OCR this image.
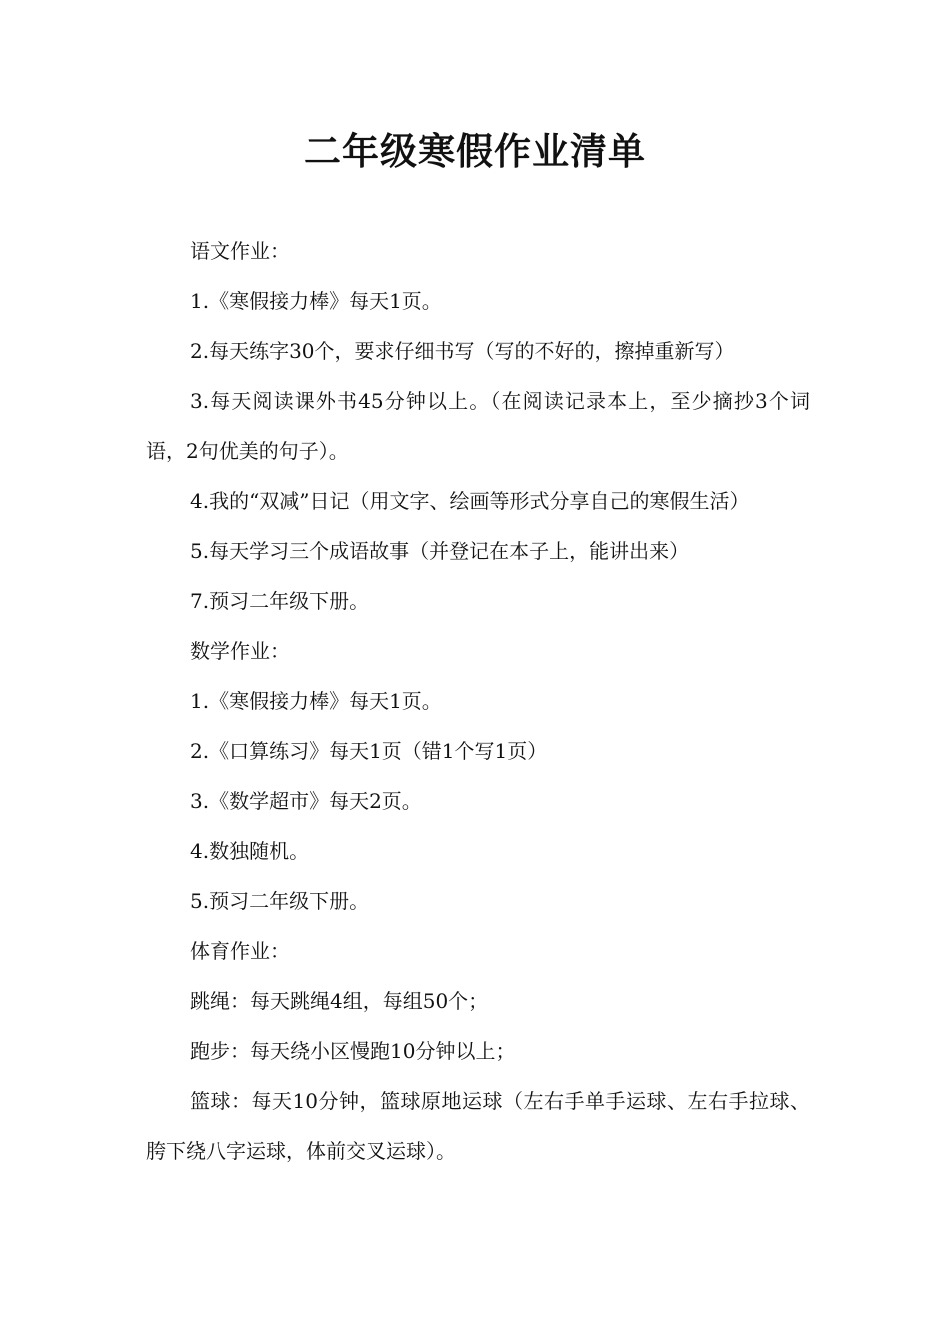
二年级寒假作业清单

语文作业：

1.《寒假接力棒》每天1页。

2.每天练字30个，要求仔细书写（写的不好的，擦掉重新写）

3.每天阅读课外书45分钟以上。（在阅读记录本上，至少摘抄3个词语，2句优美的句子）。

4.我的“双减”日记（用文字、绘画等形式分享自己的寒假生活）

5.每天学习三个成语故事（并登记在本子上，能讲出来）

7.预习二年级下册。

数学作业：

1.《寒假接力棒》每天1页。

2.《口算练习》每天1页（错1个写1页）

3.《数学超市》每天2页。

4.数独随机。

5.预习二年级下册。

体育作业：

跳绳：每天跳绳4组，每组50个；

跑步：每天绕小区慢跑10分钟以上；

篮球：每天10分钟，篮球原地运球（左右手单手运球、左右手拉球、胯下绕八字运球，体前交叉运球）。
